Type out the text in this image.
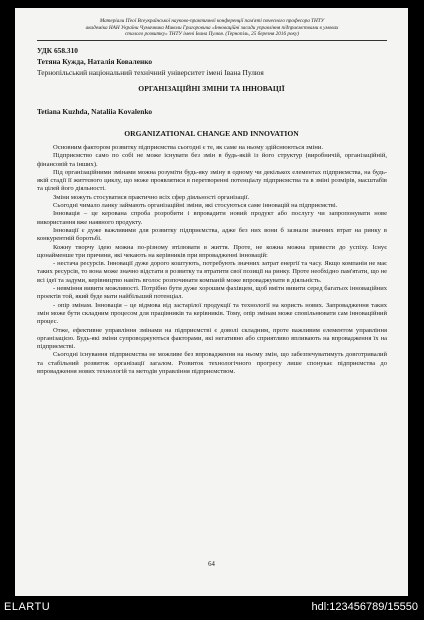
Матеріали ІТеої Всеукраїнської науково-практичної конференції пам'яті почесного професора ТНТУ
академіка НАН України Чумачника Миколи Григоровича «Інноваційні засади управління підприємствами в умовах
сталого розвитку» ТНТУ імені Івана Пулюя. (Тернопіль, 25 березня 2016 року)
УДК 658.310
Тетяна Кужда, Наталія Коваленко
Тернопільський національний технічний університет імені Івана Пулюя
ОРГАНІЗАЦІЙНІ ЗМІНИ ТА ІННОВАЦІЇ
Tetiana Kuzhda, Nataliia Kovalenko
ORGANIZATIONAL CHANGE AND INNOVATION

Основним фактором розвитку підприємства сьогодні є те, як саме на ньому здійснюються зміни.

Підприємство само по собі не може існувати без змін в будь-якій із його структур (виробничій, організаційній, фінансовій та інших).

Під організаційними змінами можна розуміти будь-яку зміну в одному чи декількох елементах підприємства, на будь-якій стадії її життєвого циклу, що може проявлятися в перетворенні потенціалу підприємства та в зміні розмірів, масштабів та цілей його діяльності.

Зміни можуть стосуватися практично всіх сфер діяльності організації.

Сьогодні чимало ланку займають організаційні зміни, які стосуються саме інновацій на підприємстві.

Інновація – це керована спроба розробити і впровадити новий продукт або послугу чи запропонувати нове використання вже наявного продукту.

Інновації є дуже важливими для розвитку підприємства, адже без них вони б зазнали значних втрат на ринку в конкурентній боротьбі.

Кожну творчу ідею можна по-різному втілювати в життя. Проте, не кожна можна привести до успіху. Існує щонайменше три причини, які чекають на керівників при впровадженні інновацій:

- нестача ресурсів. Інновації дуже дорого коштують, потребують значних затрат енергії та часу. Якщо компанія не має таких ресурсів, то вона може значно відстати в розвитку та втратити свої позиції на ринку. Проте необхідно пам'ятати, що не всі ідеї та задуми, керівництво навіть вголос розпочинати компаній може впроваджувати в діяльність.

- невміння вивити можливості. Потрібно бути дуже хорошим фахівцем, щоб вміти вивити серед багатьох інноваційних проектів той, який буде мати найбільший потенціал.

- опір змінам. Інновація – це відмова від застарілої продукції та технології на користь нових. Запровадження таких змін може бути складним процесом для працівників та керівників. Тому, опір змінам може сповільнювати сам інноваційний процес.

Отже, ефективне управління змінами на підприємстві є доволі складним, проте важливим елементом управління організацією. Будь-які зміни супроводжуються факторами, які негативно або сприятливо впливають на впровадження їх на підприємстві.

Сьогодні існування підприємства не можливе без впровадження на ньому змін, що забезпечуватимуть довготривалий та стабільний розвиток організації загалом. Розвиток технологічного прогресу лише спонукає підприємства до впровадження нових технологій та методів управління підприємством.

64
ELARTU	hdl:123456789/15550
